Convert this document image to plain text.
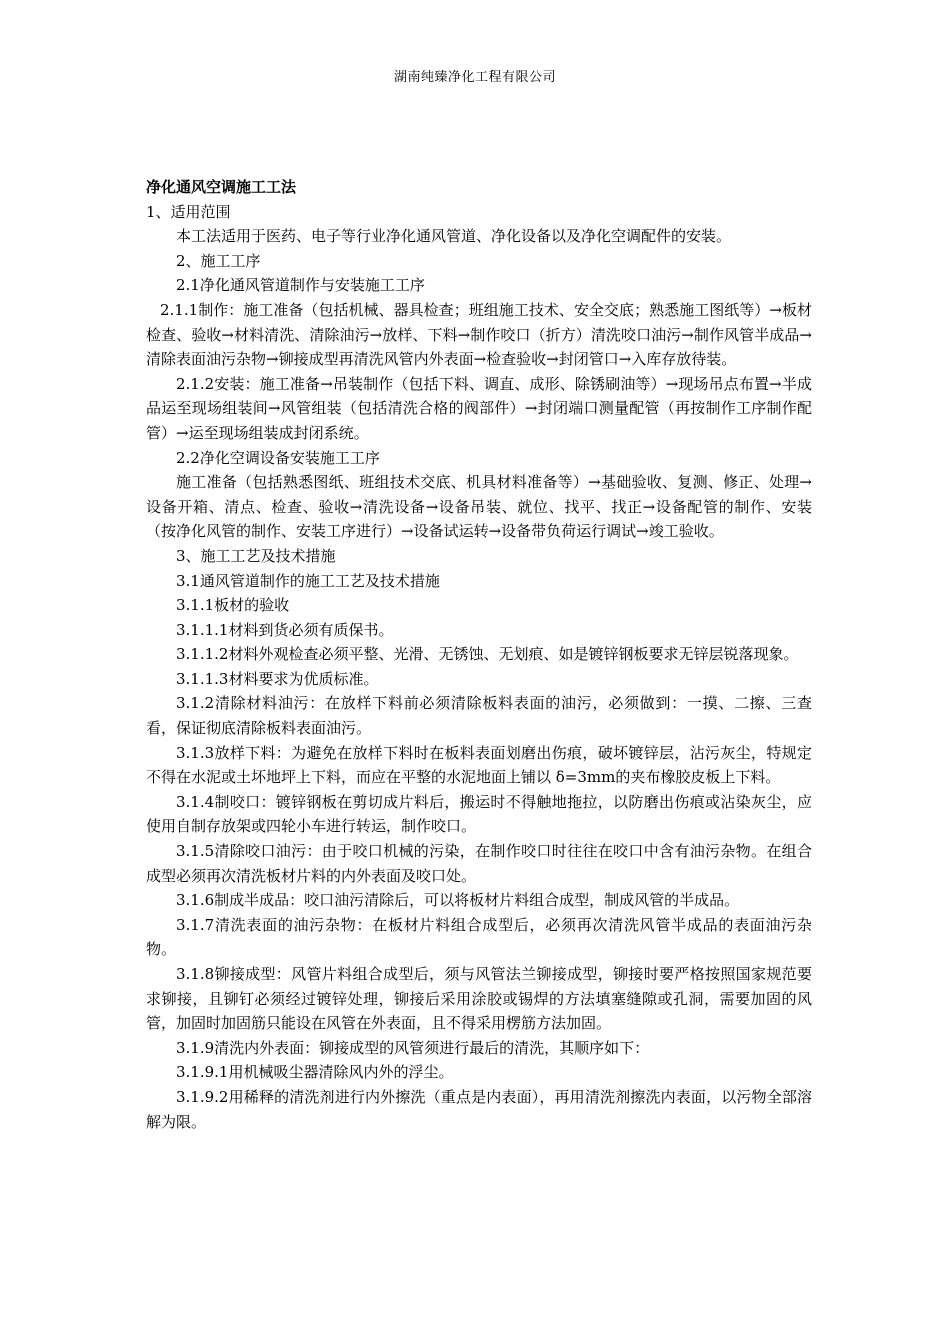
湖南纯臻净化工程有限公司

净化通风空调施工工法

1、适用范围

本工法适用于医药、电子等行业净化通风管道、净化设备以及净化空调配件的安装。

2、施工工序

2.1净化通风管道制作与安装施工工序

2.1.1制作：施工准备（包括机械、器具检查；班组施工技术、安全交底；熟悉施工图纸等）→板材检查、验收→材料清洗、清除油污→放样、下料→制作咬口（折方）清洗咬口油污→制作风管半成品→清除表面油污杂物→铆接成型再清洗风管内外表面→检查验收→封闭管口→入库存放待装。

2.1.2安装：施工准备→吊装制作（包括下料、调直、成形、除锈刷油等）→现场吊点布置→半成品运至现场组装间→风管组装（包括清洗合格的阀部件）→封闭端口测量配管（再按制作工序制作配管）→运至现场组装成封闭系统。

2.2净化空调设备安装施工工序

施工准备（包括熟悉图纸、班组技术交底、机具材料准备等）→基础验收、复测、修正、处理→设备开箱、清点、检查、验收→清洗设备→设备吊装、就位、找平、找正→设备配管的制作、安装（按净化风管的制作、安装工序进行）→设备试运转→设备带负荷运行调试→竣工验收。

3、施工工艺及技术措施

3.1通风管道制作的施工工艺及技术措施

3.1.1板材的验收

3.1.1.1材料到货必须有质保书。

3.1.1.2材料外观检查必须平整、光滑、无锈蚀、无划痕、如是镀锌钢板要求无锌层锐落现象。

3.1.1.3材料要求为优质标准。

3.1.2清除材料油污：在放样下料前必须清除板料表面的油污，必须做到：一摸、二擦、三查看，保证彻底清除板料表面油污。

3.1.3放样下料：为避免在放样下料时在板料表面划磨出伤痕，破坏镀锌层，沾污灰尘，特规定不得在水泥或土坏地坪上下料，而应在平整的水泥地面上铺以 δ=3mm的夹布橡胶皮板上下料。

3.1.4制咬口：镀锌钢板在剪切成片料后，搬运时不得触地拖拉，以防磨出伤痕或沾染灰尘，应使用自制存放架或四轮小车进行转运，制作咬口。

3.1.5清除咬口油污：由于咬口机械的污染，在制作咬口时往往在咬口中含有油污杂物。在组合成型必须再次清洗板材片料的内外表面及咬口处。

3.1.6制成半成品：咬口油污清除后，可以将板材片料组合成型，制成风管的半成品。

3.1.7清洗表面的油污杂物：在板材片料组合成型后，必须再次清洗风管半成品的表面油污杂物。

3.1.8铆接成型：风管片料组合成型后，须与风管法兰铆接成型，铆接时要严格按照国家规范要求铆接，且铆钉必须经过镀锌处理，铆接后采用涂胶或锡焊的方法填塞缝隙或孔洞，需要加固的风管，加固时加固筋只能设在风管在外表面，且不得采用楞筋方法加固。

3.1.9清洗内外表面：铆接成型的风管须进行最后的清洗，其顺序如下：

3.1.9.1用机械吸尘器清除风内外的浮尘。

3.1.9.2用稀释的清洗剂进行内外擦洗（重点是内表面），再用清洗剂擦洗内表面，以污物全部溶解为限。
